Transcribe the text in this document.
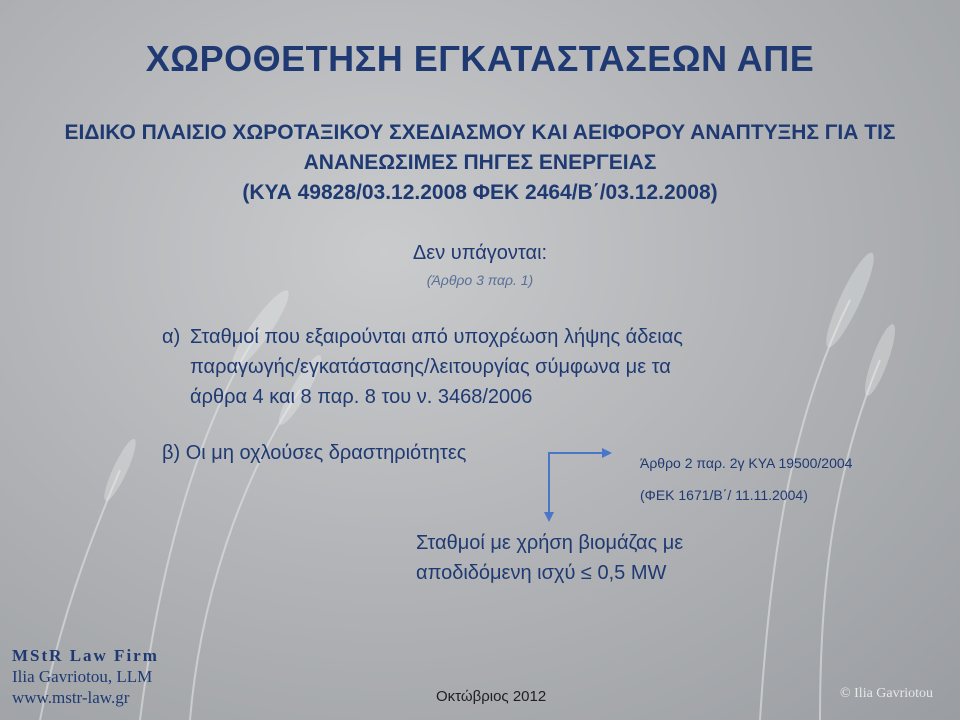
ΧΩΡΟΘΕΤΗΣΗ ΕΓΚΑΤΑΣΤΑΣΕΩΝ ΑΠΕ
ΕΙΔΙΚΟ ΠΛΑΙΣΙΟ ΧΩΡΟΤΑΞΙΚΟΥ ΣΧΕΔΙΑΣΜΟΥ ΚΑΙ ΑΕΙΦΟΡΟΥ ΑΝΑΠΤΥΞΗΣ ΓΙΑ ΤΙΣ
ΑΝΑΝΕΩΣΙΜΕΣ ΠΗΓΕΣ ΕΝΕΡΓΕΙΑΣ
(ΚΥΑ 49828/03.12.2008 ΦΕΚ 2464/Β΄/03.12.2008)
Δεν υπάγονται:
(Άρθρο 3 παρ. 1)
α) Σταθμοί που εξαιρούνται από υποχρέωση λήψης άδειας
παραγωγής/εγκατάστασης/λειτουργίας σύμφωνα με τα
άρθρα 4 και 8 παρ. 8 του ν. 3468/2006
β) Οι μη οχλούσες δραστηριότητες	Άρθρο 2 παρ. 2γ ΚΥΑ 19500/2004
(ΦΕΚ 1671/Β΄/ 11.11.2004)
Σταθμοί με χρήση βιομάζας με
αποδιδόμενη ισχύ ≤ 0,5 MW
MStR Law Firm
Ilia Gavriotou, LLM
www.mstr-law.gr	Οκτώβριος 2012	© Ilia Gavriotou
